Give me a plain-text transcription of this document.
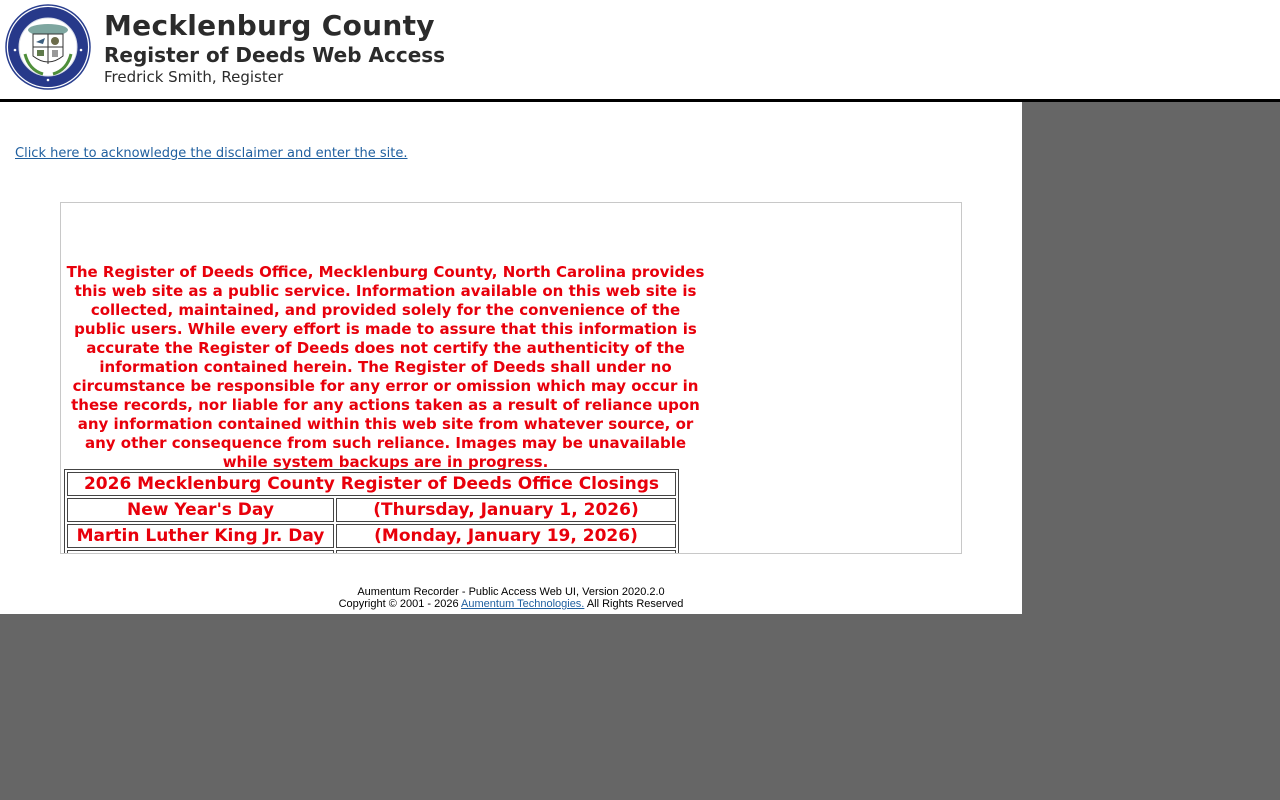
Mecklenburg County
Register of Deeds Web Access
Fredrick Smith, Register
Click here to acknowledge the disclaimer and enter the site.
The Register of Deeds Office, Mecklenburg County, North Carolina provides this web site as a public service. Information available on this web site is collected, maintained, and provided solely for the convenience of the public users. While every effort is made to assure that this information is accurate the Register of Deeds does not certify the authenticity of the information contained herein. The Register of Deeds shall under no circumstance be responsible for any error or omission which may occur in these records, nor liable for any actions taken as a result of reliance upon any information contained within this web site from whatever source, or any other consequence from such reliance. Images may be unavailable while system backups are in progress.
2026 Mecklenburg County Register of Deeds Office Closings	
New Year's Day	(Thursday, January 1, 2026)
Martin Luther King Jr. Day	(Monday, January 19, 2026)

Aumentum Recorder - Public Access Web UI, Version 2020.2.0
Copyright © 2001 - 2026 Aumentum Technologies. All Rights Reserved
